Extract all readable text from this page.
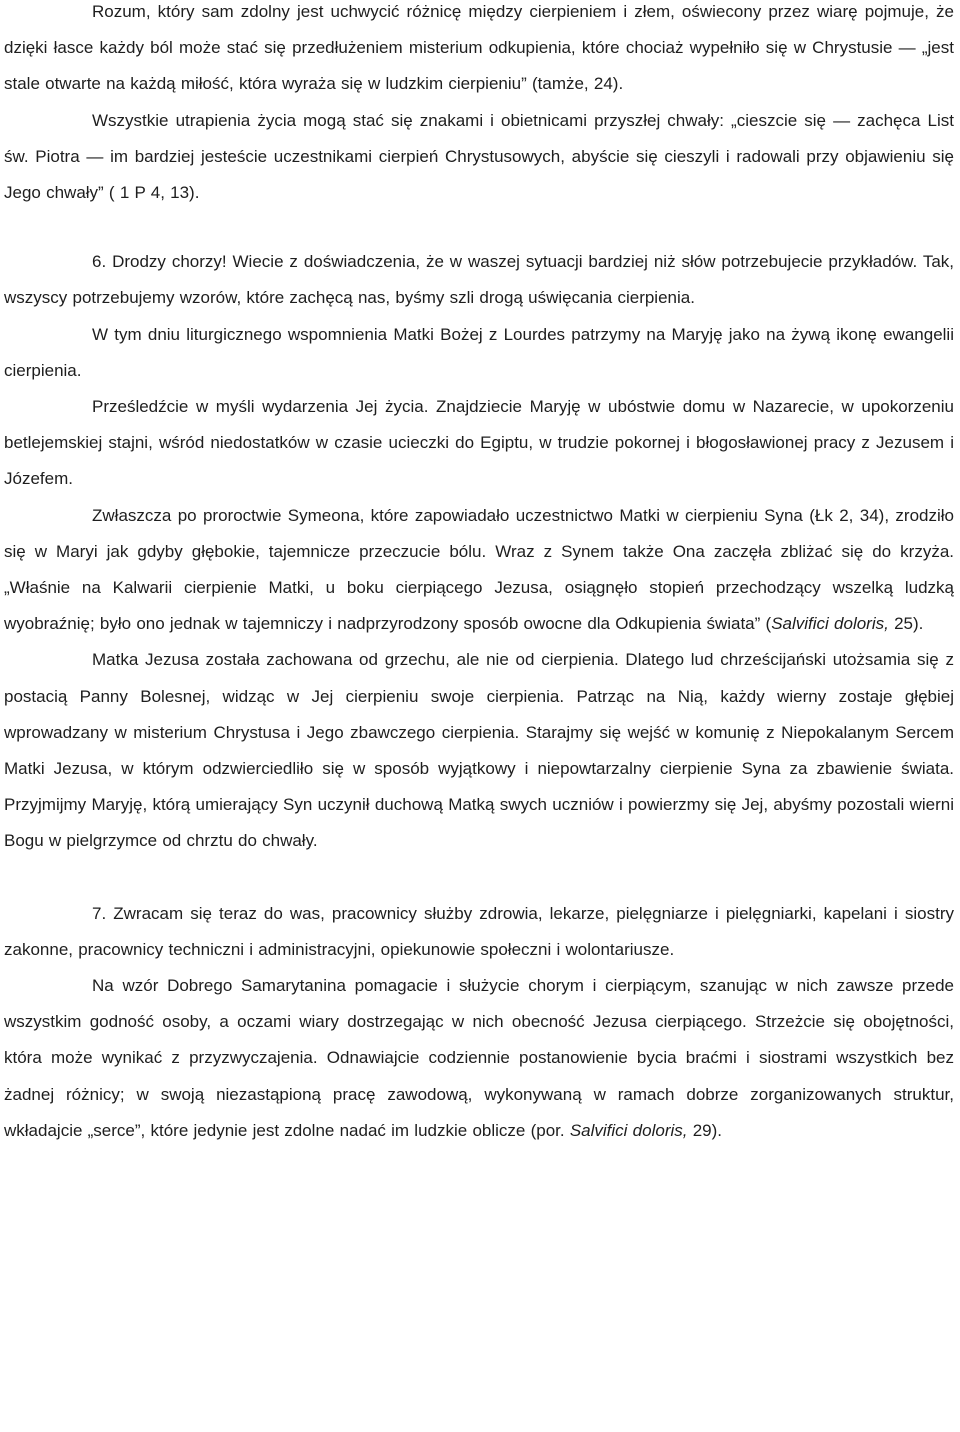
Rozum, który sam zdolny jest uchwycić różnicę między cierpieniem i złem, oświecony przez wiarę pojmuje, że dzięki łasce każdy ból może stać się przedłużeniem misterium odkupienia, które chociaż wypełniło się w Chrystusie — „jest stale otwarte na każdą miłość, która wyraża się w ludzkim cierpieniu” (tamże, 24).

Wszystkie utrapienia życia mogą stać się znakami i obietnicami przyszłej chwały: „cieszcie się — zachęca List św. Piotra — im bardziej jesteście uczestnikami cierpień Chrystusowych, abyście się cieszyli i radowali przy objawieniu się Jego chwały” ( 1 P 4, 13).

6. Drodzy chorzy! Wiecie z doświadczenia, że w waszej sytuacji bardziej niż słów potrzebujecie przykładów. Tak, wszyscy potrzebujemy wzorów, które zachęcą nas, byśmy szli drogą uświęcania cierpienia.

W tym dniu liturgicznego wspomnienia Matki Bożej z Lourdes patrzymy na Maryję jako na żywą ikonę ewangelii cierpienia.

Prześledźcie w myśli wydarzenia Jej życia. Znajdziecie Maryję w ubóstwie domu w Nazarecie, w upokorzeniu betlejemskiej stajni, wśród niedostatków w czasie ucieczki do Egiptu, w trudzie pokornej i błogosławionej pracy z Jezusem i Józefem.

Zwłaszcza po proroctwie Symeona, które zapowiadało uczestnictwo Matki w cierpieniu Syna (Łk 2, 34), zrodziło się w Maryi jak gdyby głębokie, tajemnicze przeczucie bólu. Wraz z Synem także Ona zaczęła zbliżać się do krzyża. „Właśnie na Kalwarii cierpienie Matki, u boku cierpiącego Jezusa, osiągnęło stopień przechodzący wszelką ludzką wyobraźnię; było ono jednak w tajemniczy i nadprzyrodzony sposób owocne dla Odkupienia świata” (Salvifici doloris, 25).

Matka Jezusa została zachowana od grzechu, ale nie od cierpienia. Dlatego lud chrześcijański utożsamia się z postacią Panny Bolesnej, widząc w Jej cierpieniu swoje cierpienia. Patrząc na Nią, każdy wierny zostaje głębiej wprowadzany w misterium Chrystusa i Jego zbawczego cierpienia. Starajmy się wejść w komunię z Niepokalanym Sercem Matki Jezusa, w którym odzwierciedliło się w sposób wyjątkowy i niepowtarzalny cierpienie Syna za zbawienie świata. Przyjmijmy Maryję, którą umierający Syn uczynił duchową Matką swych uczniów i powierzmy się Jej, abyśmy pozostali wierni Bogu w pielgrzymce od chrztu do chwały.

7. Zwracam się teraz do was, pracownicy służby zdrowia, lekarze, pielęgniarze i pielęgniarki, kapelani i siostry zakonne, pracownicy techniczni i administracyjni, opiekunowie społeczni i wolontariusze.

Na wzór Dobrego Samarytanina pomagacie i służycie chorym i cierpiącym, szanując w nich zawsze przede wszystkim godność osoby, a oczami wiary dostrzegając w nich obecność Jezusa cierpiącego. Strzeżcie się obojętności, która może wynikać z przyzwyczajenia. Odnawiajcie codziennie postanowienie bycia braćmi i siostrami wszystkich bez żadnej różnicy; w swoją niezastąpioną pracę zawodową, wykonywaną w ramach dobrze zorganizowanych struktur, wkładajcie „serce”, które jedynie jest zdolne nadać im ludzkie oblicze (por. Salvifici doloris, 29).
